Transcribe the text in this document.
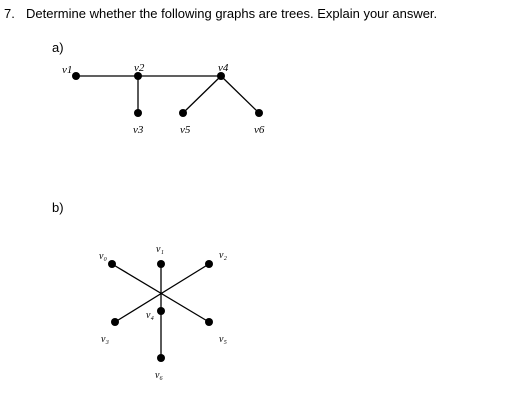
7. Determine whether the following graphs are trees. Explain your answer.
a)
b)
v1	v2	v4
v3	v5	v6
v₀
v₁
v₂
v₄
v₃	v₅
v₆
